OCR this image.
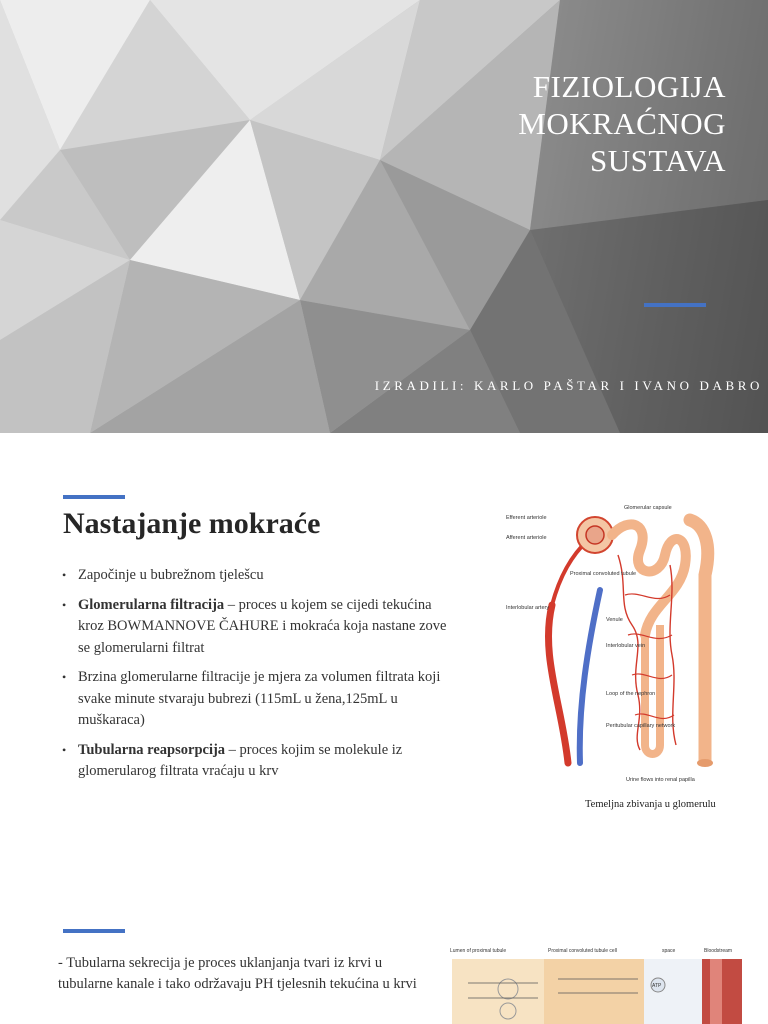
FIZIOLOGIJA
MOKRAĆNOG
SUSTAVA
IZRADILI: KARLO PAŠTAR I IVANO DABRO
Nastajanje mokraće
• Započinje u bubrežnom tjelešcu
• Glomerularna filtracija – proces u kojem se cijedi tekućina kroz BOWMANNOVE ČAHURE i mokraća koja nastane zove se glomerularni filtrat
• Brzina glomerularne filtracije je mjera za volumen filtrata koji svake minute stvaraju bubrezi (115mL u žena,125mL u muškaraca)
• Tubularna reapsorpcija – proces kojim se molekule iz glomerularog filtrata vraćaju u krv
Efferent arteriole
Afferent arteriole
Glomerular capsule
Proximal convoluted tubule
Interlobular artery
Venule
Interlobular vein
Loop of the nephron
Peritubular capillary network
Urine flows into renal papilla
Temeljna zbivanja u glomerulu

- Tubularna sekrecija je proces uklanjanja tvari iz krvi u tubularne kanale i tako održavaju PH tjelesnih tekućina u krvi

Lumen of proximal tubule	Proximal convoluted tubule cell	space	Bloodstream
ATP
